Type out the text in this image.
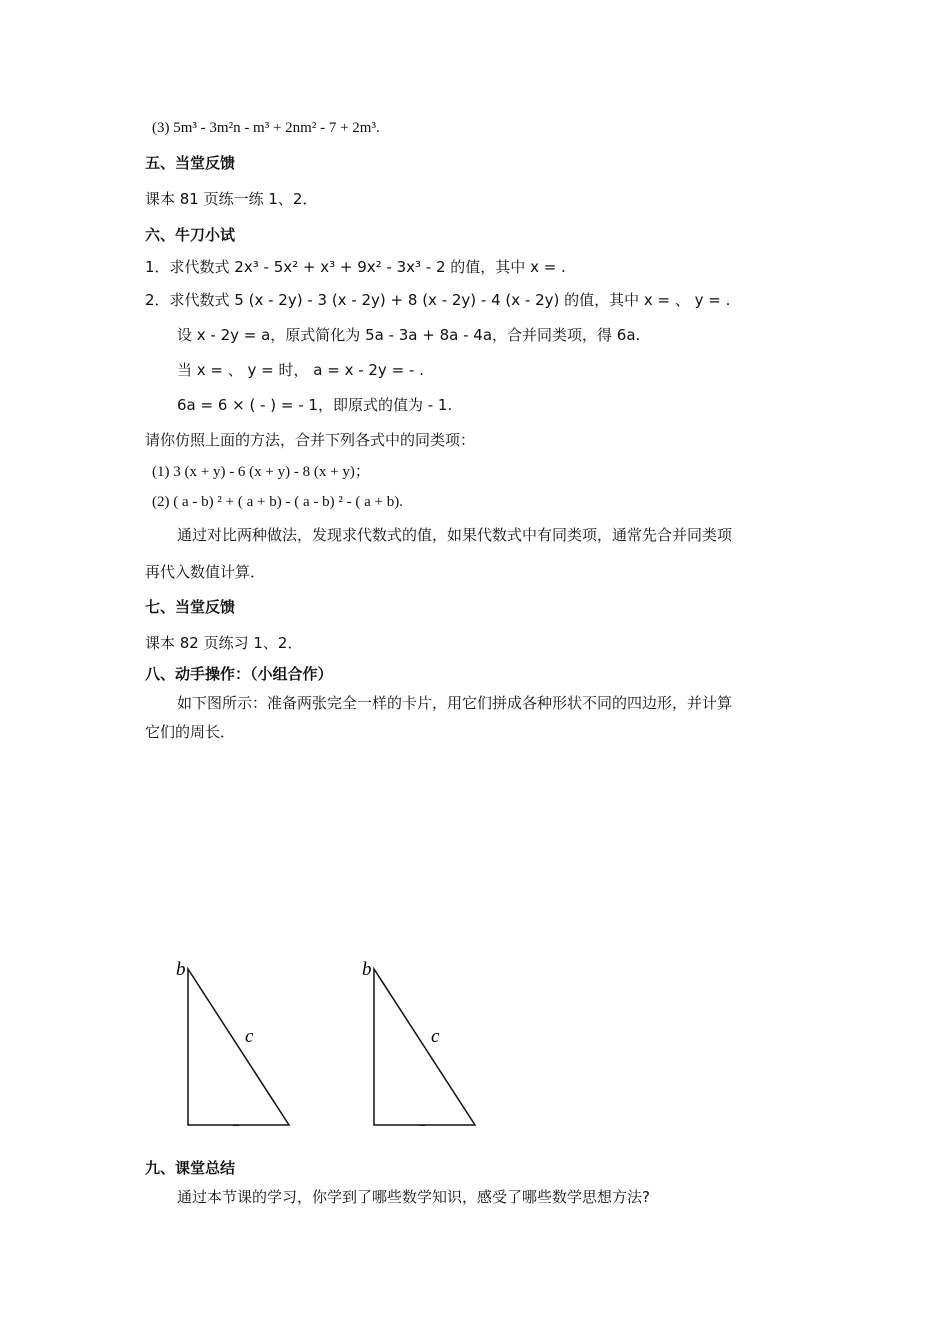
(3) 5m³ - 3m²n - m³ + 2nm² - 7 + 2m³.
五、当堂反馈
课本 81 页练一练 1、2．
六、牛刀小试
1．求代数式 2x³ - 5x² + x³ + 9x² - 3x³ - 2 的值，其中 x = .
2．求代数式 5 (x - 2y) - 3 (x - 2y) + 8 (x - 2y) - 4 (x - 2y) 的值，其中 x = 、 y = .
设 x - 2y = a，原式简化为 5a - 3a + 8a - 4a，合并同类项，得 6a.
当 x = 、 y = 时， a = x - 2y = - .
6a = 6 × ( - ) = - 1，即原式的值为 - 1.
请你仿照上面的方法，合并下列各式中的同类项：
(1) 3 (x + y) - 6 (x + y) - 8 (x + y)；
(2) ( a - b) ² + ( a + b) - ( a - b) ² - ( a + b).
通过对比两种做法，发现求代数式的值，如果代数式中有同类项，通常先合并同类项
再代入数值计算．
七、当堂反馈
课本 82 页练习 1、2．
八、动手操作：（小组合作）
如下图所示：准备两张完全一样的卡片，用它们拼成各种形状不同的四边形，并计算
它们的周长．
九、课堂总结
通过本节课的学习，你学到了哪些数学知识，感受了哪些数学思想方法?
b
c
b
c
